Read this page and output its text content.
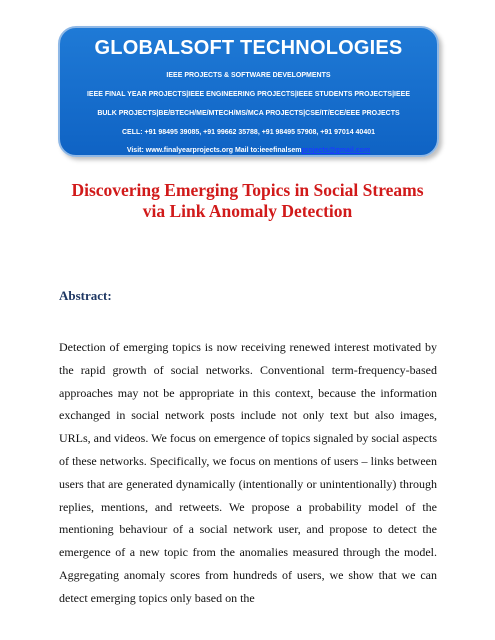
GLOBALSOFT TECHNOLOGIES
IEEE PROJECTS & SOFTWARE DEVELOPMENTS
IEEE FINAL YEAR PROJECTS|IEEE ENGINEERING PROJECTS|IEEE STUDENTS PROJECTS|IEEE
BULK PROJECTS|BE/BTECH/ME/MTECH/MS/MCA PROJECTS|CSE/IT/ECE/EEE PROJECTS
CELL: +91 98495 39085, +91 99662 35788, +91 98495 57908, +91 97014 40401
Visit: www.finalyearprojects.org Mail to:ieeefinalsemprojects@gmail.com
Discovering Emerging Topics in Social Streams
via Link Anomaly Detection
Abstract:

Detection of emerging topics is now receiving renewed interest motivated by the rapid growth of social networks. Conventional term-frequency-based approaches may not be appropriate in this context, because the information exchanged in social network posts include not only text but also images, URLs, and videos. We focus on emergence of topics signaled by social aspects of these networks. Specifically, we focus on mentions of users – links between users that are generated dynamically (intentionally or unintentionally) through replies, mentions, and retweets. We propose a probability model of the mentioning behaviour of a social network user, and propose to detect the emergence of a new topic from the anomalies measured through the model. Aggregating anomaly scores from hundreds of users, we show that we can detect emerging topics only based on the
